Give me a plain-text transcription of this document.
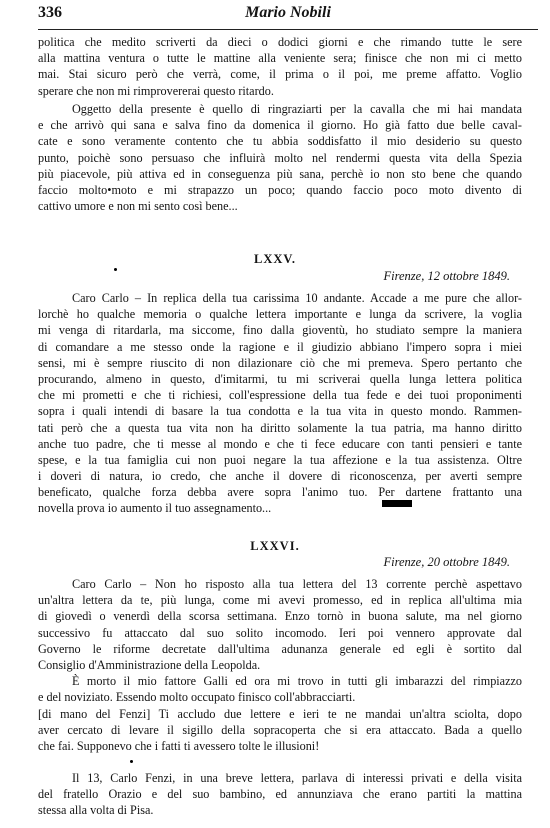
336	Mario Nobili
politica che medito scriverti da dieci o dodici giorni e che rimando tutte le sere
alla mattina ventura o tutte le mattine alla veniente sera; finisce che non mi ci metto
mai. Stai sicuro però che verrà, come, il prima o il poi, me preme affatto. Voglio
sperare che non mi rimprovererai questo ritardo.
Oggetto della presente è quello di ringraziarti per la cavalla che mi hai mandata
e che arrivò qui sana e salva fino da domenica il giorno. Ho già fatto due belle caval-
cate e sono veramente contento che tu abbia soddisfatto il mio desiderio su questo
punto, poichè sono persuaso che influirà molto nel rendermi questa vita della Spezia
più piacevole, più attiva ed in conseguenza più sana, perchè io non sto bene che quando
faccio molto•moto e mi strapazzo un poco; quando faccio poco moto divento di
cattivo umore e non mi sento così bene...
LXXV.
Firenze, 12 ottobre 1849.
Caro Carlo – In replica della tua carissima 10 andante. Accade a me pure che allor-
lorchè ho qualche memoria o qualche lettera importante e lunga da scrivere, la voglia
mi venga di ritardarla, ma siccome, fino dalla gioventù, ho studiato sempre la maniera
di comandare a me stesso onde la ragione e il giudizio abbiano l'impero sopra i miei
sensi, mi è sempre riuscito di non dilazionare ciò che mi premeva. Spero pertanto che
procurando, almeno in questo, d'imitarmi, tu mi scriverai quella lunga lettera politica
che mi prometti e che ti richiesi, coll'espressione della tua fede e dei tuoi proponimenti
sopra i quali intendi di basare la tua condotta e la tua vita in questo mondo. Rammen-
tati però che a questa tua vita non ha diritto solamente la tua patria, ma hanno diritto
anche tuo padre, che ti messe al mondo e che ti fece educare con tanti pensieri e tante
spese, e la tua famiglia cui non puoi negare la tua affezione e la tua assistenza. Oltre
i doveri di natura, io credo, che anche il dovere di riconoscenza, per averti sempre
beneficato, qualche forza debba avere sopra l'animo tuo. Per dartene frattanto una
novella prova io aumento il tuo assegnamento...
LXXVI.
Firenze, 20 ottobre 1849.
Caro Carlo – Non ho risposto alla tua lettera del 13 corrente perchè aspettavo
un'altra lettera da te, più lunga, come mi avevi promesso, ed in replica all'ultima mia
di giovedì o venerdì della scorsa settimana. Enzo tornò in buona salute, ma nel giorno
successivo fu attaccato dal suo solito incomodo. Ieri poi vennero approvate dal
Governo le riforme decretate dall'ultima adunanza generale ed egli è sortito dal
Consiglio d'Amministrazione della Leopolda.
È morto il mio fattore Galli ed ora mi trovo in tutti gli imbarazzi del rimpiazzo
e del noviziato. Essendo molto occupato finisco coll'abbracciarti.
[di mano del Fenzi] Ti accludo due lettere e ieri te ne mandai un'altra sciolta, dopo
aver cercato di levare il sigillo della sopracoperta che si era attaccato. Bada a quello
che fai. Supponevo che i fatti ti avessero tolte le illusioni!
Il 13, Carlo Fenzi, in una breve lettera, parlava di interessi privati e della visita
del fratello Orazio e del suo bambino, ed annunziava che erano partiti la mattina
stessa alla volta di Pisa.
